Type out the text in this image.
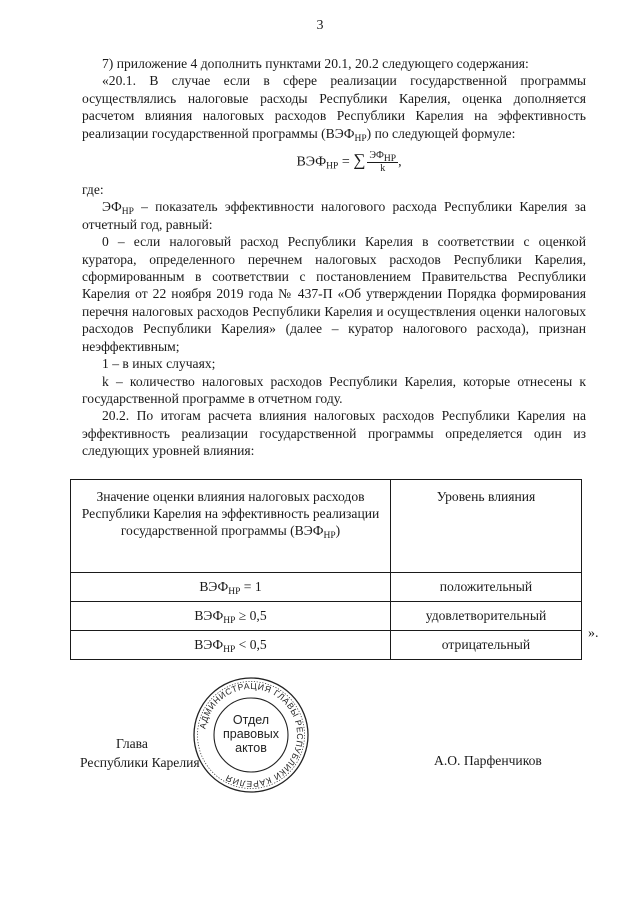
3

7) приложение 4 дополнить пунктами 20.1, 20.2 следующего содержания:

«20.1. В случае если в сфере реализации государственной программы осуществлялись налоговые расходы Республики Карелия, оценка дополняется расчетом влияния налоговых расходов Республики Карелия на эффективность реализации государственной программы $(ВЭФ_{НР})$ по следующей формуле:

$ВЭФ_{НР}$ = ∑ $\frac{ЭФ_{НР}}{k}$ ,

где:

$ЭФ_{НР}$ – показатель эффективности налогового расхода Республики Карелия за отчетный год, равный:

0 – если налоговый расход Республики Карелия в соответствии с оценкой куратора, определенного перечнем налоговых расходов Республики Карелия, сформированным в соответствии с постановлением Правительства Республики Карелия от 22 ноября 2019 года № 437-П «Об утверждении Порядка формирования перечня налоговых расходов Республики Карелия и осуществления оценки налоговых расходов Республики Карелия» (далее – куратор налогового расхода), признан неэффективным;

1 – в иных случаях;

k – количество налоговых расходов Республики Карелия, которые отнесены к государственной программе в отчетном году.

20.2. По итогам расчета влияния налоговых расходов Республики Карелия на эффективность реализации государственной программы определяется один из следующих уровней влияния:

Значение оценки влияния налоговых расходов Республики Карелия на эффективность реализации государственной программы $(ВЭФ_{НР})$	Уровень влияния
$ВЭФ_{НР} = 1$	положительный
$ВЭФ_{НР} \ge 0,5$	удовлетворительный
$ВЭФ_{НР} < 0,5$	отрицательный
».
Глава
Республики Карелия	А.О. Парфенчиков
АДМИНИСТРАЦИЯ ГЛАВЫ РЕСПУБЛИКИ КАРЕЛИЯ
Отдел
правовых
актов
